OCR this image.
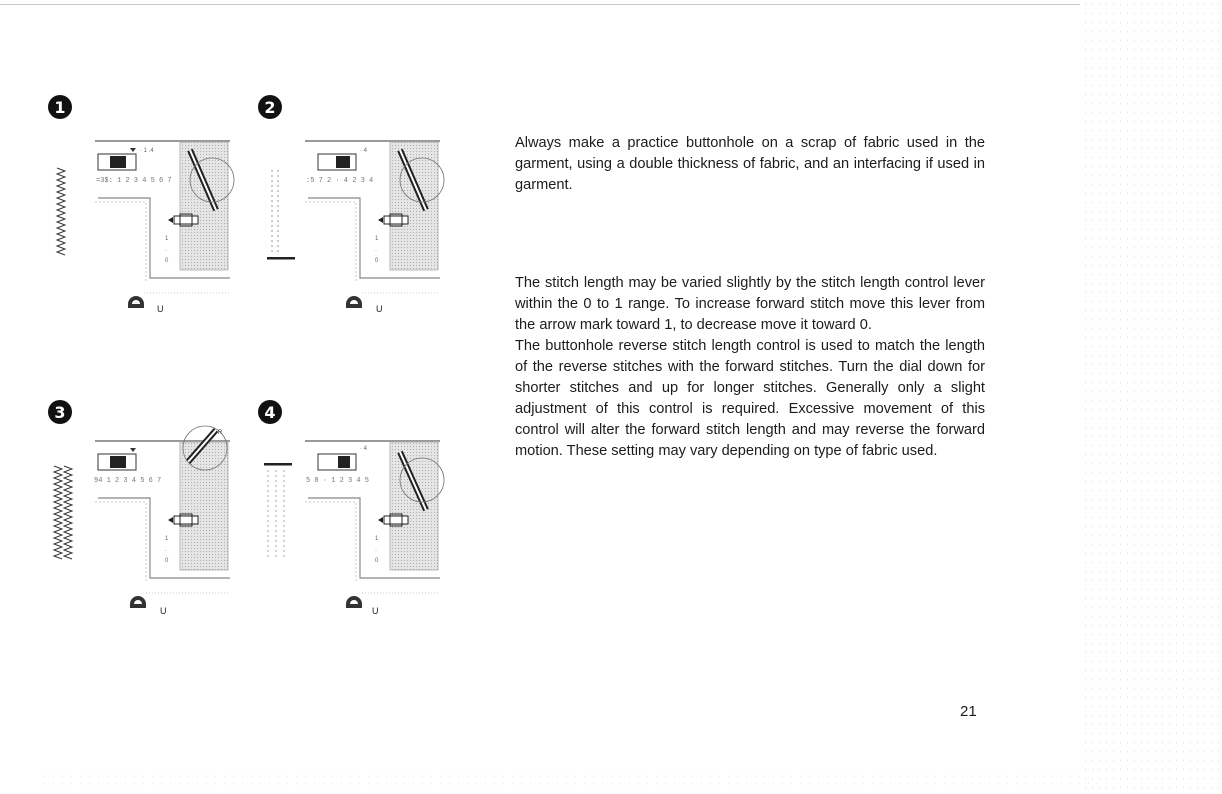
1
· 1 .4
=3$: 1 2 3 4 5 6 7
1
·
0
U
2
· 4
:5 7 2 · 4 2 3 4
1
·
0
U
3
94 1 2 3 4 5 6 7
R
1
·
0
U
4
· 4
5 8 · 1 2 3 4 5
1
·
0
U

Always make a practice buttonhole on a scrap of fabric used in the garment, using a double thickness of fabric, and an interfacing if used in garment.

The stitch length may be varied slightly by the stitch length control lever within the 0 to 1 range. To increase forward stitch move this lever from the arrow mark toward 1, to decrease move it toward 0.

The buttonhole reverse stitch length control is used to match the length of the reverse stitches with the forward stitches. Turn the dial down for shorter stitches and up for longer stitches. Generally only a slight adjustment of this control is required. Excessive movement of this control will alter the forward stitch length and may reverse the forward motion. These setting may vary depending on type of fabric used.

21
